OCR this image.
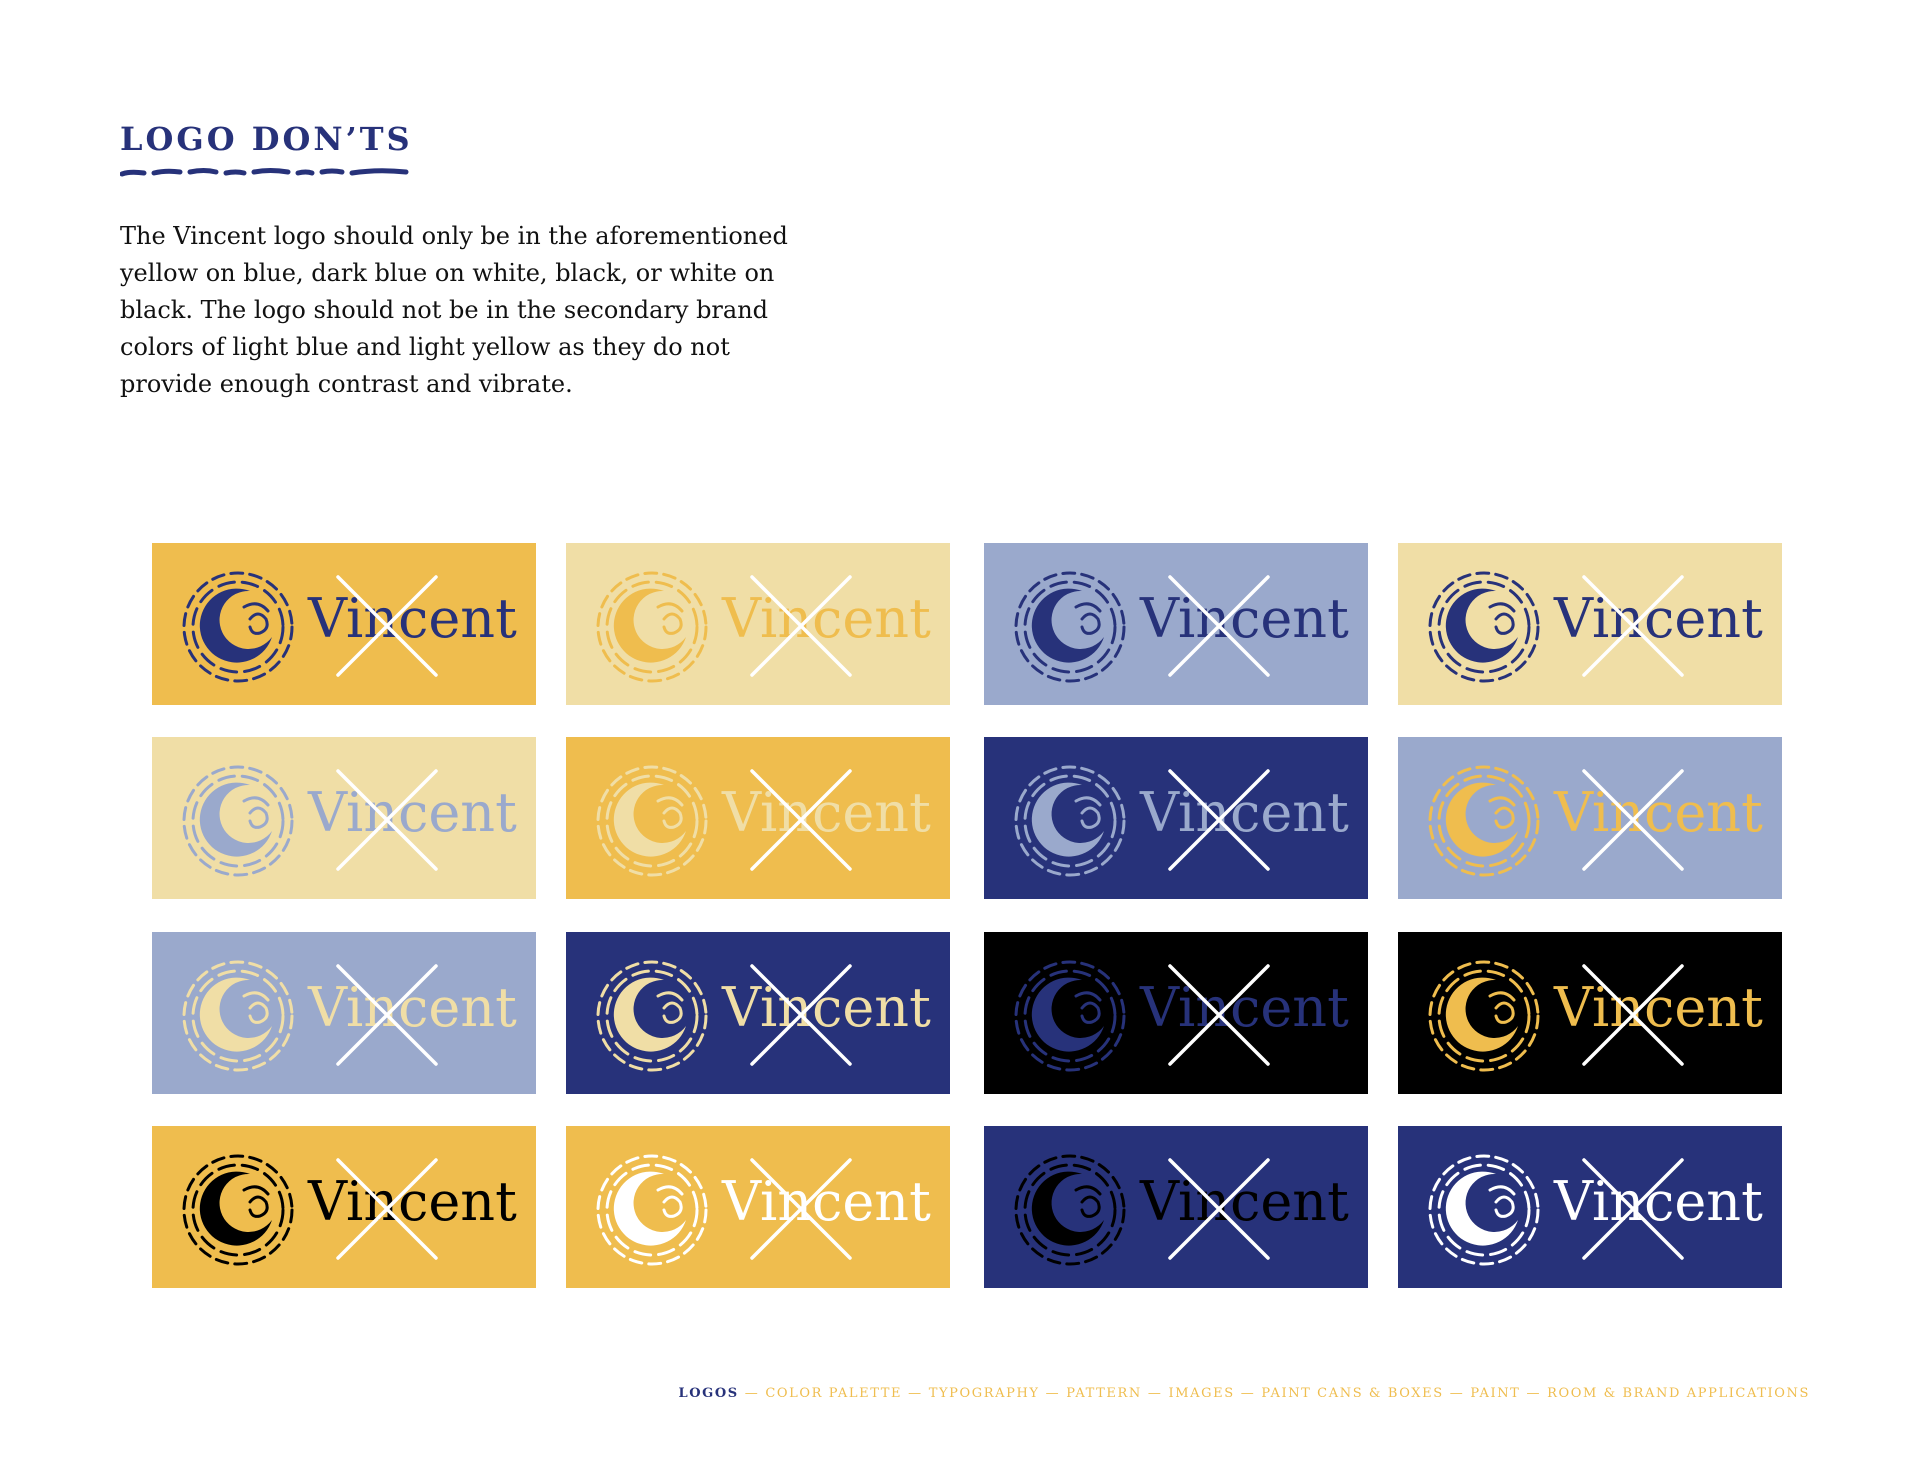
LOGO DON’TS

The Vincent logo should only be in the aforementioned yellow on blue, dark blue on white, black, or white on black. The logo should not be in the secondary brand colors of light blue and light yellow as they do not provide enough contrast and vibrate.

Vincent	Vincent	Vincent	Vincent
Vincent	Vincent	Vincent	Vincent
Vincent	Vincent	Vincent	Vincent
Vincent	Vincent	Vincent	Vincent
LOGOS — COLOR PALETTE — TYPOGRAPHY — PATTERN — IMAGES — PAINT CANS & BOXES — PAINT — ROOM & BRAND APPLICATIONS
